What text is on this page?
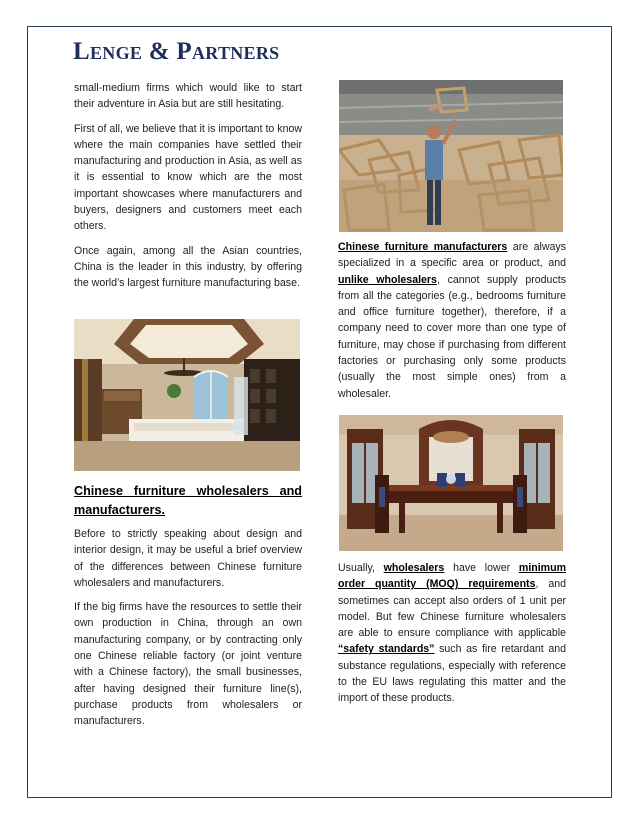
Lenge & Partners

small-medium firms which would like to start their adventure in Asia but are still hesitating.

First of all, we believe that it is important to know where the main companies have settled their manufacturing and production in Asia, as well as it is essential to know which are the most important showcases where manufacturers and buyers, designers and customers meet each others.

Once again, among all the Asian countries, China is the leader in this industry, by offering the world’s largest furniture manufacturing base.

Chinese furniture wholesalers and manufacturers.

Before to strictly speaking about design and interior design, it may be useful a brief overview of the differences between Chinese furniture wholesalers and manufacturers.

If the big firms have the resources to settle their own production in China, through an own manufacturing company, or by contracting only one Chinese reliable factory (or joint venture with a Chinese factory), the small businesses, after having designed their furniture line(s), purchase products from wholesalers or manufacturers.

Chinese furniture manufacturers are always specialized in a specific area or product, and unlike wholesalers, cannot supply products from all the categories (e.g., bedrooms furniture and office furniture together), therefore, if a company need to cover more than one type of furniture, may chose if purchasing from different factories or purchasing only some products (usually the most simple ones) from a wholesaler.

Usually, wholesalers have lower minimum order quantity (MOQ) requirements, and sometimes can accept also orders of 1 unit per model. But few Chinese furniture wholesalers are able to ensure compliance with applicable “safety standards” such as fire retardant and substance regulations, especially with reference to the EU laws regulating this matter and the import of these products.
